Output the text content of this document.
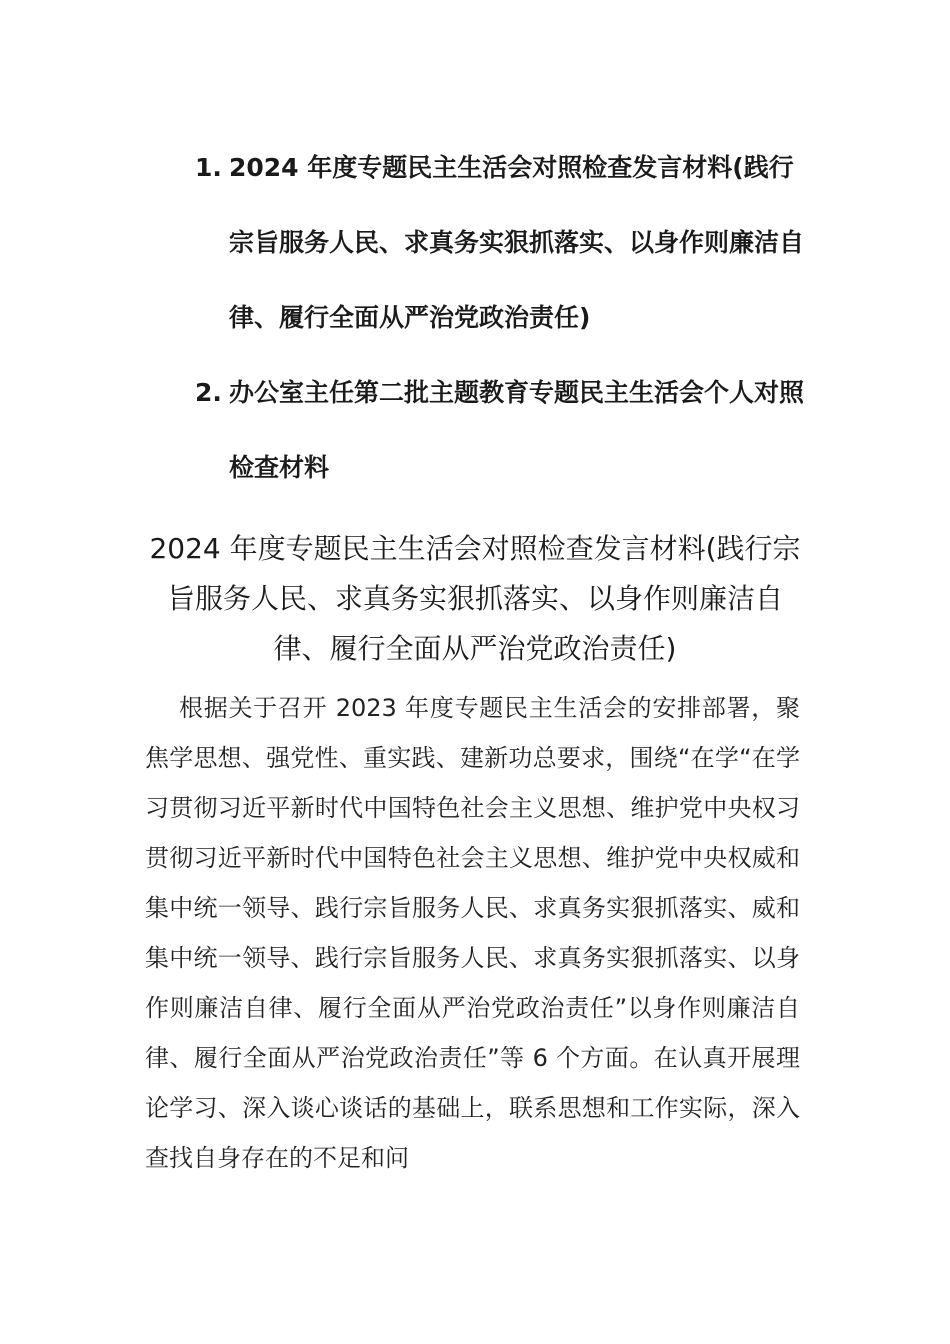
1. 2024 年度专题民主生活会对照检查发言材料(践行宗旨服务人民、求真务实狠抓落实、以身作则廉洁自律、履行全面从严治党政治责任)
2. 办公室主任第二批主题教育专题民主生活会个人对照检查材料
2024 年度专题民主生活会对照检查发言材料(践行宗旨服务人民、求真务实狠抓落实、以身作则廉洁自律、履行全面从严治党政治责任)

根据关于召开 2023 年度专题民主生活会的安排部署，聚焦学思想、强党性、重实践、建新功总要求，围绕“在学“在学习贯彻习近平新时代中国特色社会主义思想、维护党中央权习贯彻习近平新时代中国特色社会主义思想、维护党中央权威和集中统一领导、践行宗旨服务人民、求真务实狠抓落实、威和集中统一领导、践行宗旨服务人民、求真务实狠抓落实、以身作则廉洁自律、履行全面从严治党政治责任”以身作则廉洁自律、履行全面从严治党政治责任”等 6 个方面。在认真开展理论学习、深入谈心谈话的基础上，联系思想和工作实际，深入查找自身存在的不足和问
